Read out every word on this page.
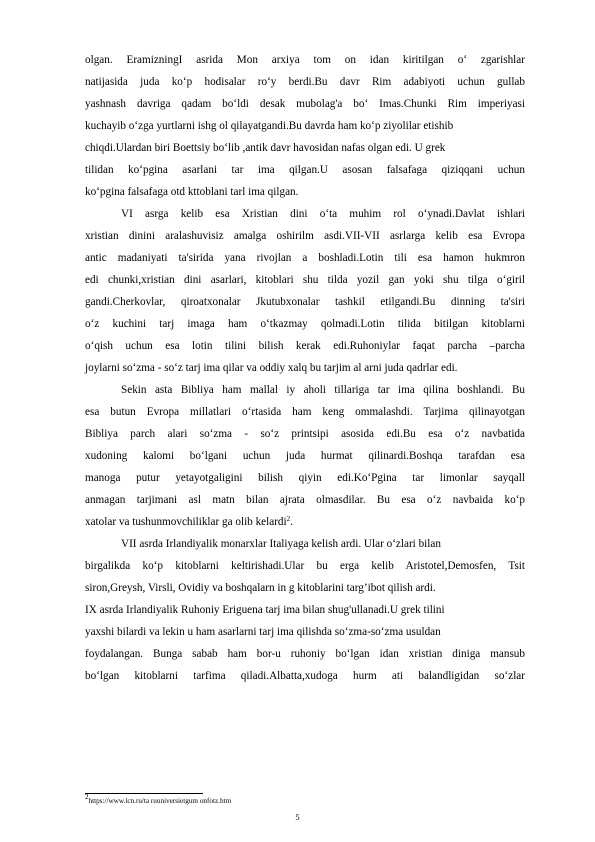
olgan. EramizningI asrida Mon arxiya tom on idan kiritilgan o‘ zgarishlar
natijasida juda ko‘p hodisalar ro‘y berdi.Bu davr Rim adabiyoti uchun gullab
yashnash davriga qadam bo‘ldi desak mubolag'a bo‘ Imas.Chunki Rim imperiyasi
kuchayib o‘zga yurtlarni ishg ol qilayatgandi.Bu davrda ham ko‘p ziyolilar etishib
chiqdi.Ulardan biri Boettsiy bo‘lib ,antik davr havosidan nafas olgan edi. U grek
tilidan ko‘pgina asarlani tar ima qilgan.U asosan falsafaga qiziqqani uchun
ko‘pgina falsafaga otd kttoblani tarl ima qilgan.
VI asrga kelib esa Xristian dini o‘ta muhim rol o‘ynadi.Davlat ishlari
xristian dinini aralashuvisiz amalga oshirilm asdi.VII-VII asrlarga kelib esa Evropa
antic madaniyati ta'sirida yana rivojlan a boshladi.Lotin tili esa hamon hukmron
edi chunki,xristian dini asarlari, kitoblari shu tilda yozil gan yoki shu tilga o‘giril
gandi.Cherkovlar, qiroatxonalar Jkutubxonalar tashkil etilgandi.Bu dinning ta'siri
o‘z kuchini tarj imaga ham o‘tkazmay qolmadi.Lotin tilida bitilgan kitoblarni
o‘qish uchun esa lotin tilini bilish kerak edi.Ruhoniylar faqat parcha –parcha
joylarni so‘zma - so‘z tarj ima qilar va oddiy xalq bu tarjim al arni juda qadrlar edi.
Sekin asta Bibliya ham mallal iy aholi tillariga tar ima qilina boshlandi. Bu
esa butun Evropa millatlari o‘rtasida ham keng ommalashdi. Tarjima qilinayotgan
Bibliya parch alari so‘zma - so‘z printsipi asosida edi.Bu esa o‘z navbatida
xudoning kalomi bo‘lgani uchun juda hurmat qilinardi.Boshqa tarafdan esa
manoga putur yetayotgaligini bilish qiyin edi.Ko‘Pgina tar limonlar sayqall
anmagan tarjimani asl matn bilan ajrata olmasdilar. Bu esa o‘z navbaida ko‘p
xatolar va tushunmovchiliklar ga olib kelardi$^2$.
VII asrda Irlandiyalik monarxlar Italiyaga kelish ardi. Ular o‘zlari bilan
birgalikda ko‘p kitoblarni keltirishadi.Ular bu erga kelib Aristotel,Demosfen, Tsit
siron,Greysh, Virsli, Ovidiy va boshqalarn in g kitoblarini targ’ibot qilish ardi.
IX asrda Irlandiyalik Ruhoniy Eriguena tarj ima bilan shug'ullanadi.U grek tilini
yaxshi bilardi va lekin u ham asarlarni tarj ima qilishda so‘zma-so‘zma usuldan
foydalangan. Bunga sabab ham bor-u ruhoniy bo‘lgan idan xristian diniga mansub
bo‘lgan kitoblarni tarfima qiladi.Albatta,xudoga hurm ati balandligidan so‘zlar
$^2$https://www.lcn.ru/ta ruuniversietgum onfotz.htm
5
